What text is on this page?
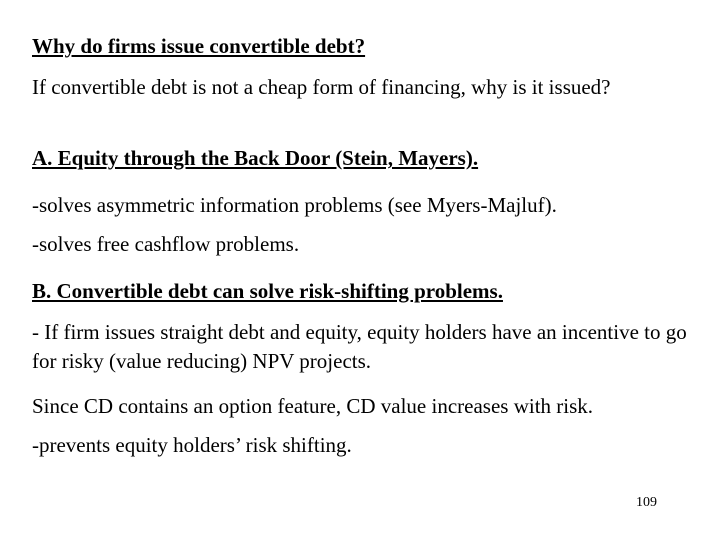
Why do firms issue convertible debt?
If convertible debt is not a cheap form of financing, why is it issued?
A. Equity through the Back Door (Stein, Mayers).
-solves asymmetric information problems (see Myers-Majluf).
-solves free cashflow problems.
B. Convertible debt can solve risk-shifting problems.
- If firm issues straight debt and equity, equity holders have an incentive to go for risky (value reducing) NPV projects.
Since CD contains an option feature, CD value increases with risk.
-prevents equity holders’ risk shifting.
109
